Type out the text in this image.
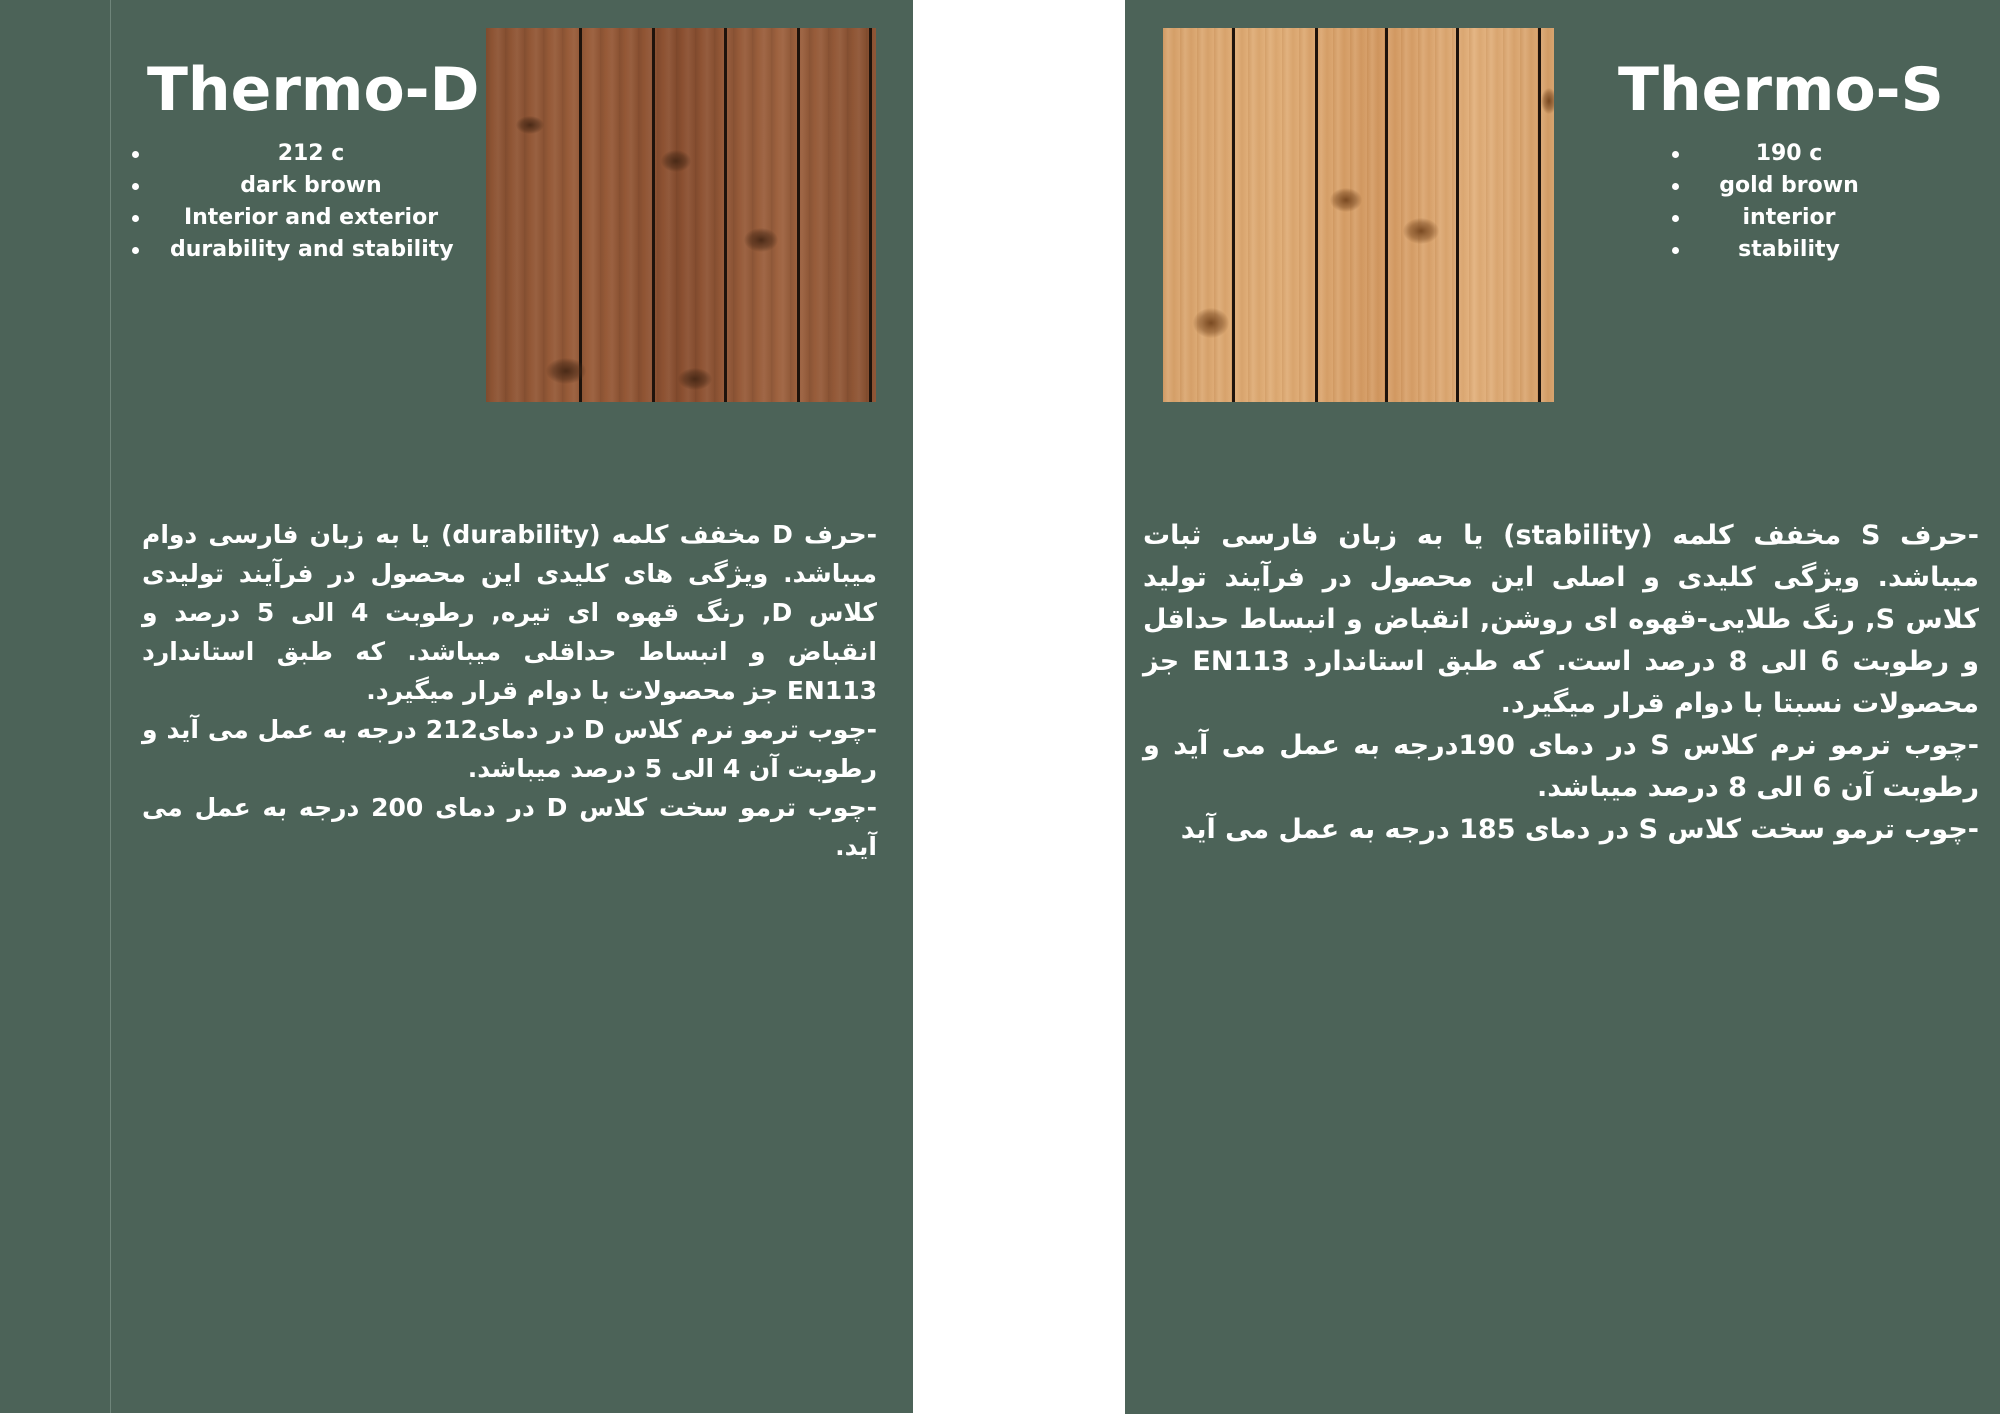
Thermo-D
212 c
dark brown
Interior and exterior
durability and stability

-حرف D مخفف کلمه (durability) یا به زبان فارسی دوام میباشد. ویژگی های کلیدی این محصول در فرآیند تولیدی کلاس D, رنگ قهوه ای تیره, رطوبت 4 الی 5 درصد و انقباض و انبساط حداقلی میباشد. که طبق استاندارد EN113 جز محصولات با دوام قرار میگیرد.

-چوب ترمو نرم کلاس D در دمای212 درجه به عمل می آید و رطوبت آن 4 الی 5 درصد میباشد.

-چوب ترمو سخت کلاس D در دمای 200 درجه به عمل می آید.

Thermo-S
190 c
gold brown
interior
stability

-حرف S مخفف کلمه (stability) یا به زبان فارسی ثبات میباشد. ویژگی کلیدی و اصلی این محصول در فرآیند تولید کلاس S, رنگ طلایی-قهوه ای روشن, انقباض و انبساط حداقل و رطوبت 6 الی 8 درصد است. که طبق استاندارد EN113 جز محصولات نسبتا با دوام قرار میگیرد.

-چوب ترمو نرم کلاس S در دمای 190درجه به عمل می آید و رطوبت آن 6 الی 8 درصد میباشد.

-چوب ترمو سخت کلاس S در دمای 185 درجه به عمل می آید
